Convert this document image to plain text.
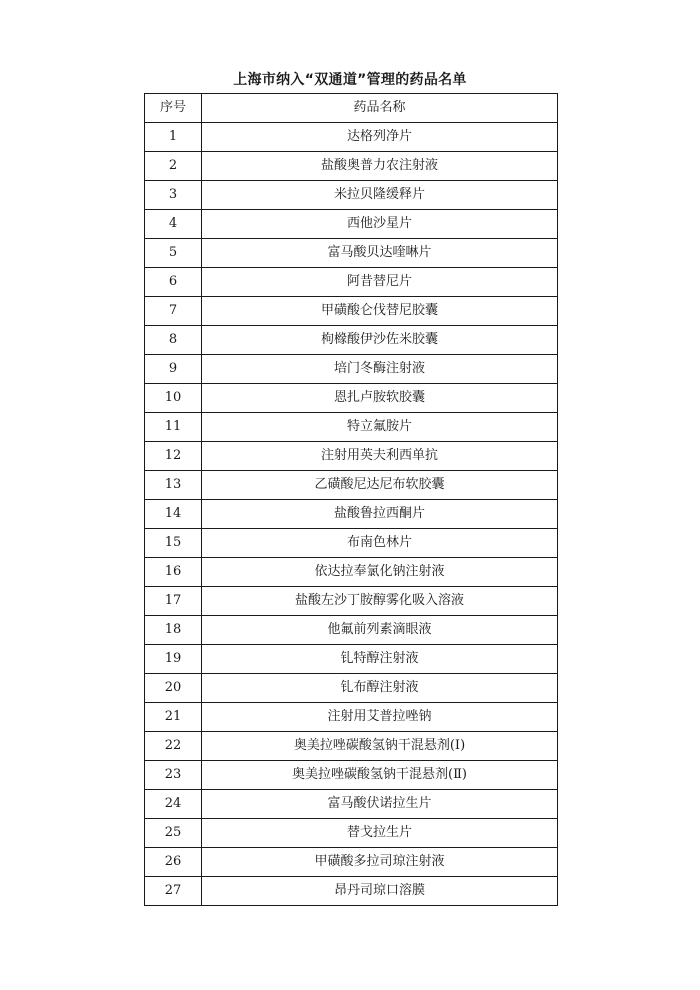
上海市纳入“双通道”管理的药品名单
序号	药品名称
1	达格列净片
2	盐酸奥普力农注射液
3	米拉贝隆缓释片
4	西他沙星片
5	富马酸贝达喹啉片
6	阿昔替尼片
7	甲磺酸仑伐替尼胶囊
8	枸橼酸伊沙佐米胶囊
9	培门冬酶注射液
10	恩扎卢胺软胶囊
11	特立氟胺片
12	注射用英夫利西单抗
13	乙磺酸尼达尼布软胶囊
14	盐酸鲁拉西酮片
15	布南色林片
16	依达拉奉氯化钠注射液
17	盐酸左沙丁胺醇雾化吸入溶液
18	他氟前列素滴眼液
19	钆特醇注射液
20	钆布醇注射液
21	注射用艾普拉唑钠
22	奥美拉唑碳酸氢钠干混悬剂(Ⅰ)
23	奥美拉唑碳酸氢钠干混悬剂(Ⅱ)
24	富马酸伏诺拉生片
25	替戈拉生片
26	甲磺酸多拉司琼注射液
27	昂丹司琼口溶膜
